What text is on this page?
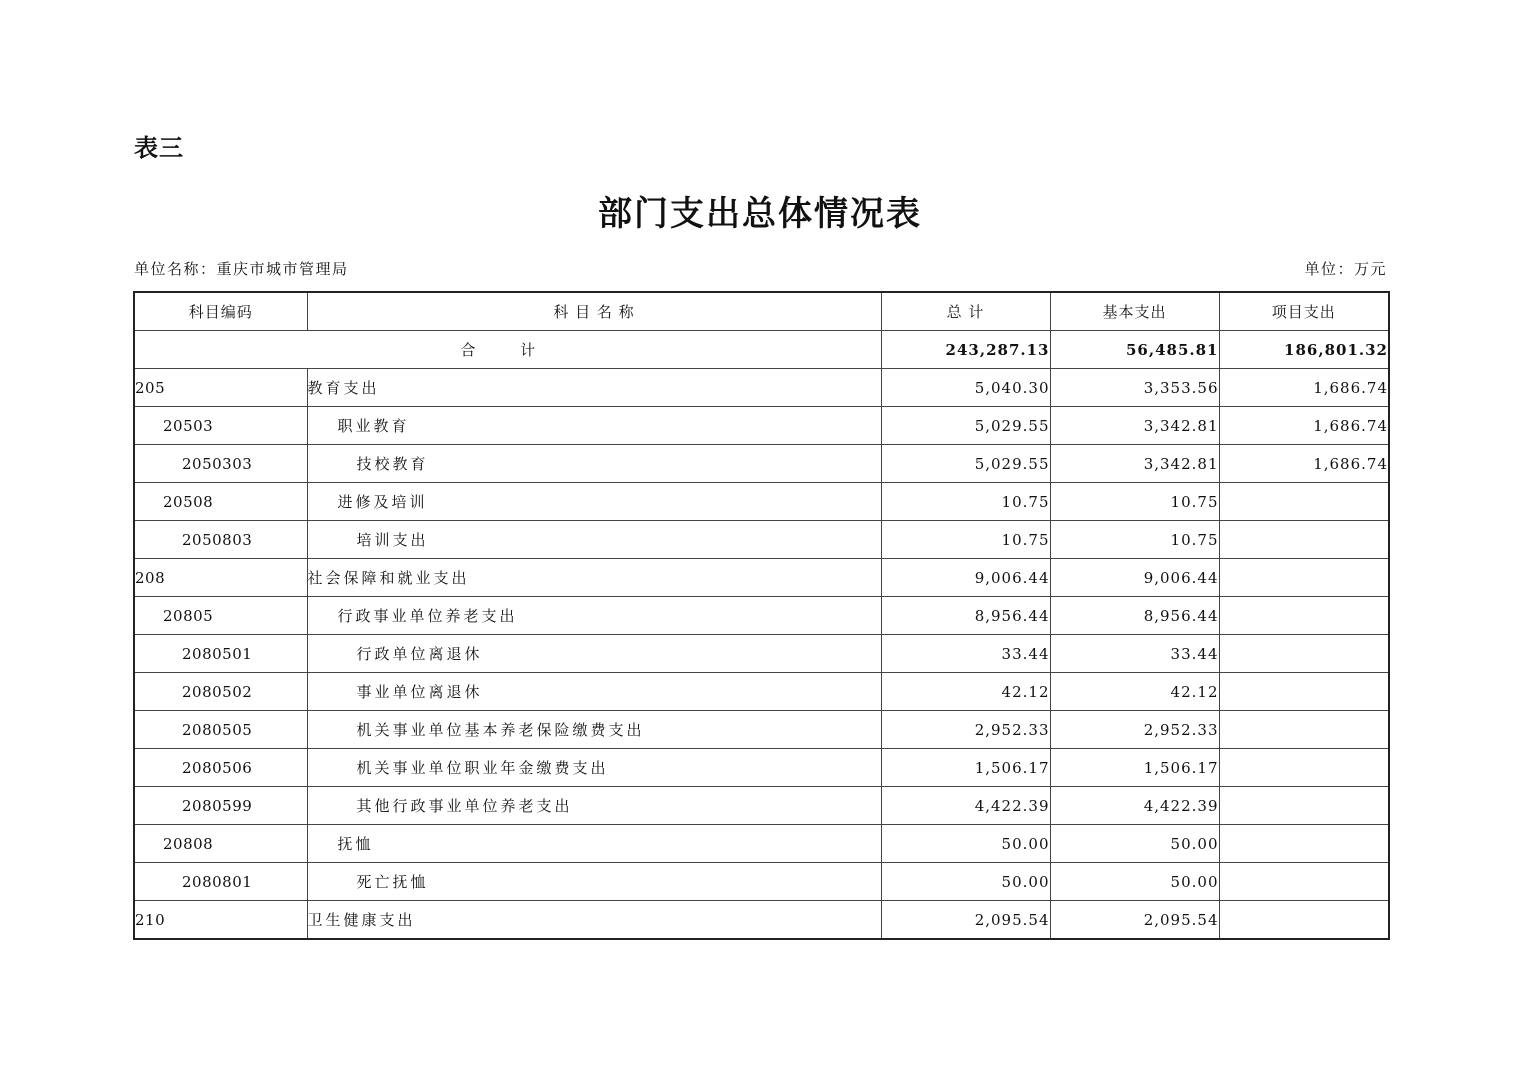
表三
部门支出总体情况表
单位名称：重庆市城市管理局	单位：万元
科目编码	科 目 名 称	总 计	基本支出	项目支出
合 计		243,287.13	56,485.81	186,801.32
205	教育支出	5,040.30	3,353.56	1,686.74
20503	职业教育	5,029.55	3,342.81	1,686.74
2050303	技校教育	5,029.55	3,342.81	1,686.74
20508	进修及培训	10.75	10.75	
2050803	培训支出	10.75	10.75	
208	社会保障和就业支出	9,006.44	9,006.44	
20805	行政事业单位养老支出	8,956.44	8,956.44	
2080501	行政单位离退休	33.44	33.44	
2080502	事业单位离退休	42.12	42.12	
2080505	机关事业单位基本养老保险缴费支出	2,952.33	2,952.33	
2080506	机关事业单位职业年金缴费支出	1,506.17	1,506.17	
2080599	其他行政事业单位养老支出	4,422.39	4,422.39	
20808	抚恤	50.00	50.00	
2080801	死亡抚恤	50.00	50.00	
210	卫生健康支出	2,095.54	2,095.54	
